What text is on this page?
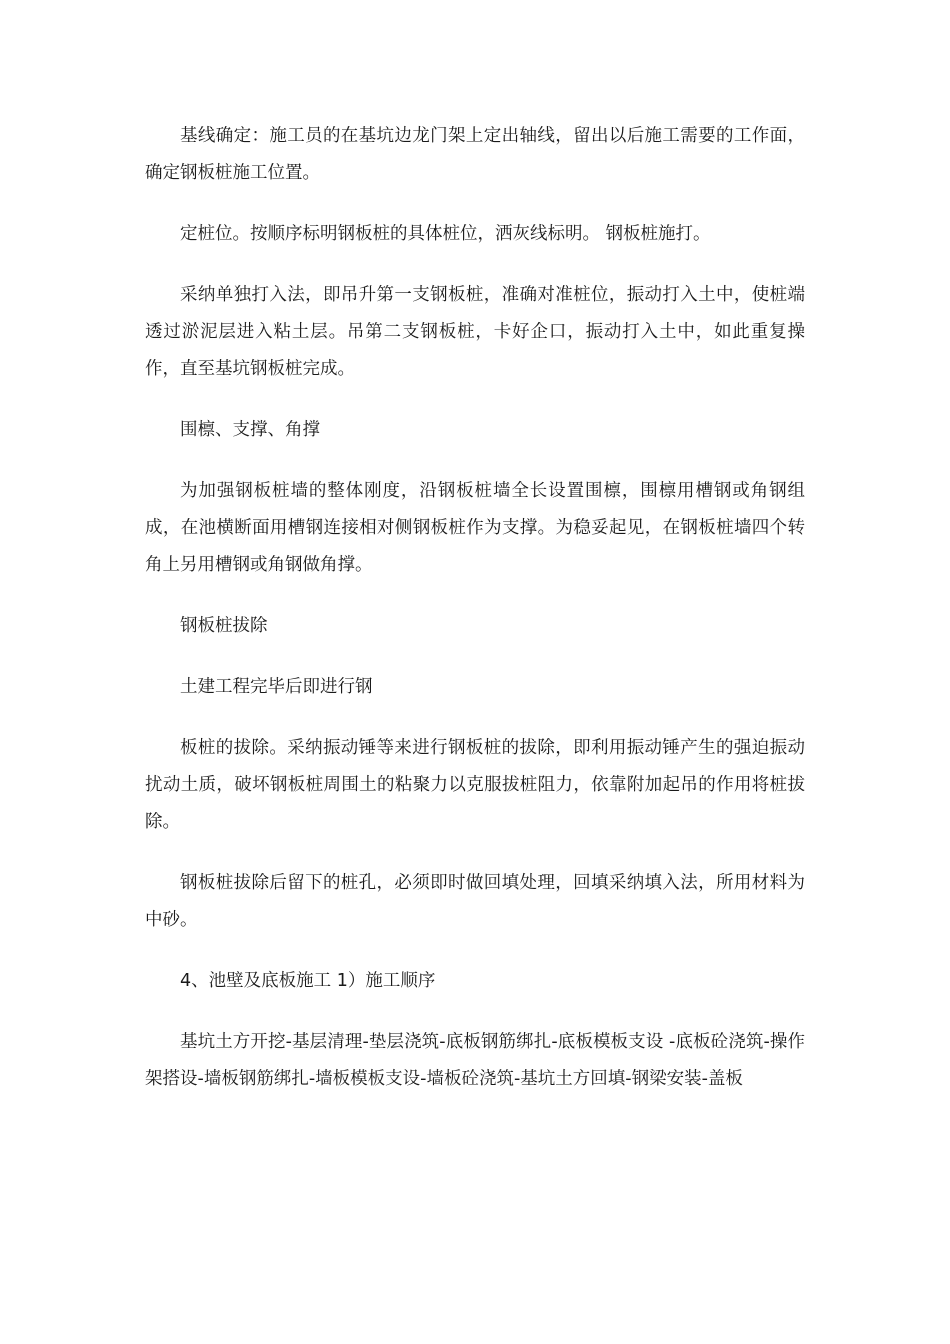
基线确定：施工员的在基坑边龙门架上定出轴线，留出以后施工需要的工作面，确定钢板桩施工位置。

定桩位。按顺序标明钢板桩的具体桩位，洒灰线标明。 钢板桩施打。

采纳单独打入法，即吊升第一支钢板桩，准确对准桩位，振动打入土中，使桩端透过淤泥层进入粘土层。吊第二支钢板桩，卡好企口，振动打入土中，如此重复操作，直至基坑钢板桩完成。

围檩、支撑、角撑

为加强钢板桩墙的整体刚度，沿钢板桩墙全长设置围檩，围檩用槽钢或角钢组成，在池横断面用槽钢连接相对侧钢板桩作为支撑。为稳妥起见，在钢板桩墙四个转角上另用槽钢或角钢做角撑。

钢板桩拔除

土建工程完毕后即进行钢

板桩的拔除。采纳振动锤等来进行钢板桩的拔除，即利用振动锤产生的强迫振动扰动土质，破坏钢板桩周围土的粘聚力以克服拔桩阻力，依靠附加起吊的作用将桩拔除。

钢板桩拔除后留下的桩孔，必须即时做回填处理，回填采纳填入法，所用材料为中砂。

4、池壁及底板施工 1）施工顺序

基坑土方开挖-基层清理-垫层浇筑-底板钢筋绑扎-底板模板支设 -底板砼浇筑-操作架搭设-墙板钢筋绑扎-墙板模板支设-墙板砼浇筑-基坑土方回填-钢梁安装-盖板
